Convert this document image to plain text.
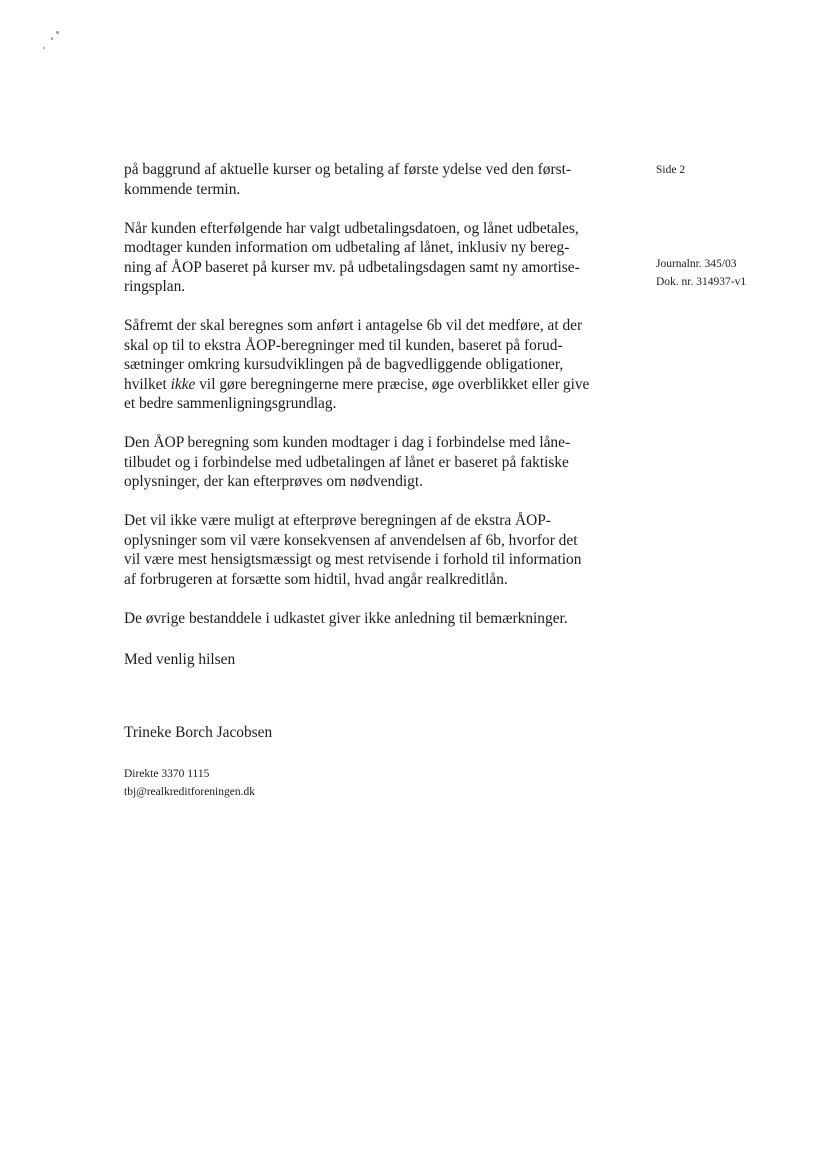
Side 2
Journalnr. 345/03
Dok. nr. 314937-v1

på baggrund af aktuelle kurser og betaling af første ydelse ved den først-
kommende termin.

Når kunden efterfølgende har valgt udbetalingsdatoen, og lånet udbetales,
modtager kunden information om udbetaling af lånet, inklusiv ny bereg-
ning af ÅOP baseret på kurser mv. på udbetalingsdagen samt ny amortise-
ringsplan.

Såfremt der skal beregnes som anført i antagelse 6b vil det medføre, at der
skal op til to ekstra ÅOP-beregninger med til kunden, baseret på forud-
sætninger omkring kursudviklingen på de bagvedliggende obligationer,
hvilket ikke vil gøre beregningerne mere præcise, øge overblikket eller give
et bedre sammenligningsgrundlag.

Den ÅOP beregning som kunden modtager i dag i forbindelse med låne-
tilbudet og i forbindelse med udbetalingen af lånet er baseret på faktiske
oplysninger, der kan efterprøves om nødvendigt.

Det vil ikke være muligt at efterprøve beregningen af de ekstra ÅOP-
oplysninger som vil være konsekvensen af anvendelsen af 6b, hvorfor det
vil være mest hensigtsmæssigt og mest retvisende i forhold til information
af forbrugeren at forsætte som hidtil, hvad angår realkreditlån.

De øvrige bestanddele i udkastet giver ikke anledning til bemærkninger.

Med venlig hilsen
Trineke Borch Jacobsen
Direkte 3370 1115
tbj@realkreditforeningen.dk
